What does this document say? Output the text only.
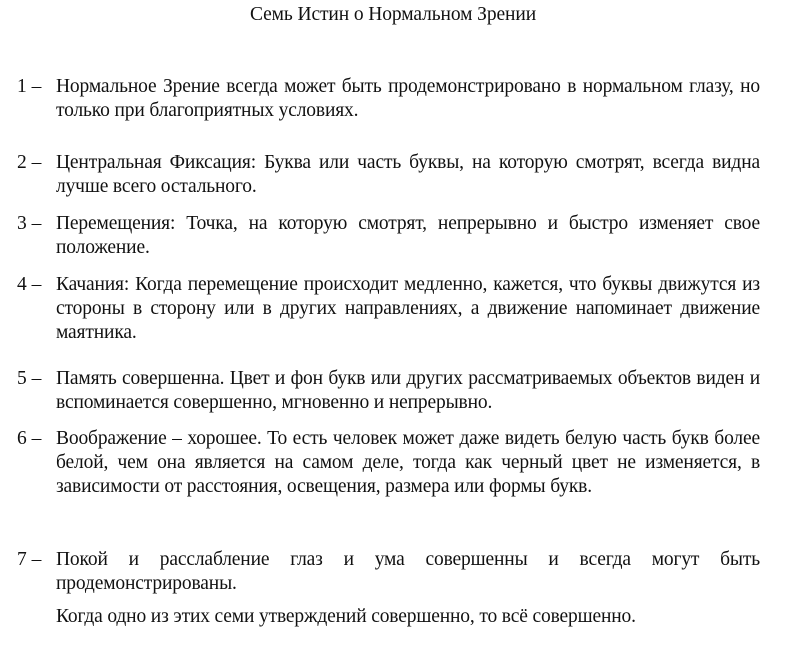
Семь Истин о Нормальном Зрении
1 – Нормальное Зрение всегда может быть продемонстрировано в нормальном глазу, но только при благоприятных условиях.
2 – Центральная Фиксация: Буква или часть буквы, на которую смотрят, всегда видна лучше всего остального.
3 – Перемещения: Точка, на которую смотрят, непрерывно и быстро изменяет свое положение.
4 – Качания: Когда перемещение происходит медленно, кажется, что буквы движутся из стороны в сторону или в других направлениях, а движение напоминает движение маятника.
5 – Память совершенна. Цвет и фон букв или других рассматриваемых объектов виден и вспоминается совершенно, мгновенно и непрерывно.
6 – Воображение – хорошее. То есть человек может даже видеть белую часть букв более белой, чем она является на самом деле, тогда как черный цвет не изменяется, в зависимости от расстояния, освещения, размера или формы букв.
7 – Покой и расслабление глаз и ума совершенны и всегда могут быть продемонстрированы.
Когда одно из этих семи утверждений совершенно, то всё совершенно.
